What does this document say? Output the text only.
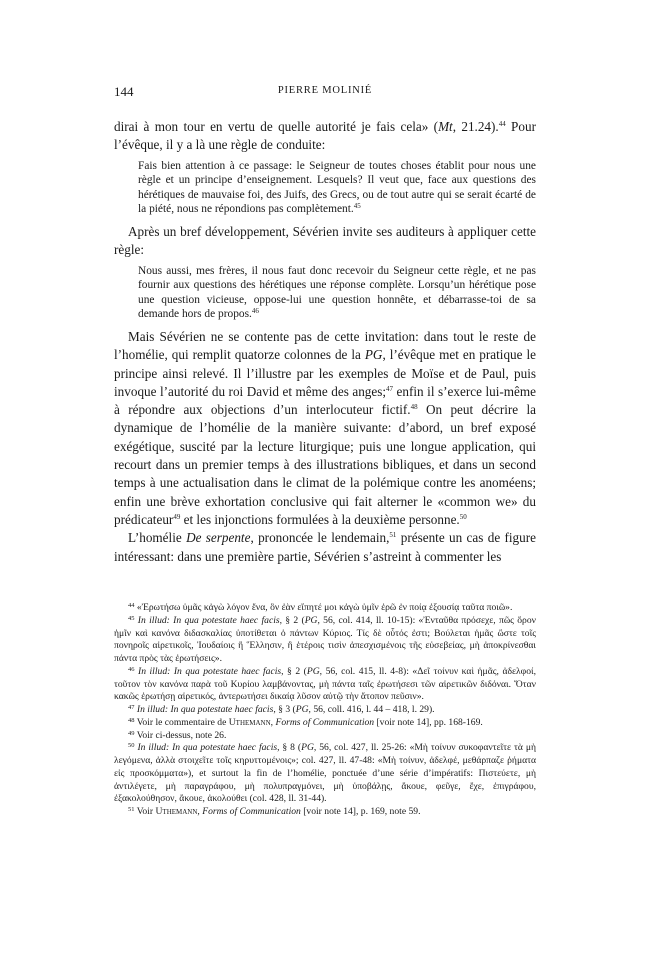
144	PIERRE MOLINIÉ

dirai à mon tour en vertu de quelle autorité je fais cela» (Mt, 21.24).$^{44}$ Pour l’évêque, il y a là une règle de conduite:

Fais bien attention à ce passage: le Seigneur de toutes choses établit pour nous une règle et un principe d’enseignement. Lesquels? Il veut que, face aux questions des hérétiques de mauvaise foi, des Juifs, des Grecs, ou de tout autre qui se serait écarté de la piété, nous ne répondions pas complètement.$^{45}$

Après un bref développement, Sévérien invite ses auditeurs à appliquer cette règle:

Nous aussi, mes frères, il nous faut donc recevoir du Seigneur cette règle, et ne pas fournir aux questions des hérétiques une réponse complète. Lorsqu’un hérétique pose une question vicieuse, oppose-lui une question honnête, et débarrasse-toi de sa demande hors de propos.$^{46}$

Mais Sévérien ne se contente pas de cette invitation: dans tout le reste de l’homélie, qui remplit quatorze colonnes de la PG, l’évêque met en pratique le principe ainsi relevé. Il l’illustre par les exemples de Moïse et de Paul, puis invoque l’autorité du roi David et même des anges;$^{47}$ enfin il s’exerce lui-même à répondre aux objections d’un interlocuteur fictif.$^{48}$ On peut décrire la dynamique de l’homélie de la manière suivante: d’abord, un bref exposé exégétique, suscité par la lecture liturgique; puis une longue application, qui recourt dans un premier temps à des illustrations bibliques, et dans un second temps à une actualisation dans le climat de la polémique contre les anoméens; enfin une brève exhortation conclusive qui fait alterner le «common we» du prédicateur$^{49}$ et les injonctions formulées à la deuxième personne.$^{50}$

L’homélie De serpente, prononcée le lendemain,$^{51}$ présente un cas de figure intéressant: dans une première partie, Sévérien s’astreint à commenter les

$^{44}$ «Ἐρωτήσω ὑμᾶς κἀγὼ λόγον ἕνα, ὃν ἐὰν εἴπητέ μοι κἀγὼ ὑμῖν ἐρῶ ἐν ποίᾳ ἐξουσίᾳ ταῦτα ποιῶ».

$^{45}$ In illud: In qua potestate haec facis, § 2 (PG, 56, col. 414, ll. 10-15): «Ἐνταῦθα πρόσεχε, πῶς ὅρον ἡμῖν καὶ κανόνα διδασκαλίας ὑποτίθεται ὁ πάντων Κύριος. Τίς δὲ οὗτός ἐστι; Βούλεται ἡμᾶς ὥστε τοῖς πονηροῖς αἱρετικοῖς, Ἰουδαίοις ἢ Ἕλλησιν, ἢ ἑτέροις τισὶν ἀπεσχισμένοις τῆς εὐσεβείας, μὴ ἀποκρίνεσθαι πάντα πρὸς τὰς ἐρωτήσεις».

$^{46}$ In illud: In qua potestate haec facis, § 2 (PG, 56, col. 415, ll. 4-8): «Δεῖ τοίνυν καὶ ἡμᾶς, ἀδελφοί, τοῦτον τὸν κανόνα παρὰ τοῦ Κυρίου λαμβάνοντας, μὴ πάντα ταῖς ἐρωτήσεσι τῶν αἱρετικῶν διδόναι. Ὅταν κακῶς ἐρωτήσῃ αἱρετικός, ἀντερωτήσει δικαίᾳ λῦσον αὐτῷ τὴν ἄτοπον πεῦσιν».

$^{47}$ In illud: In qua potestate haec facis, § 3 (PG, 56, coll. 416, l. 44 – 418, l. 29).

$^{48}$ Voir le commentaire de Uthemann, Forms of Communication [voir note 14], pp. 168-169.

$^{49}$ Voir ci-dessus, note 26.

$^{50}$ In illud: In qua potestate haec facis, § 8 (PG, 56, col. 427, ll. 25-26: «Μὴ τοίνυν συκοφαντεῖτε τὰ μὴ λεγόμενα, ἀλλὰ στοιχεῖτε τοῖς κηρυττομένοις»; col. 427, ll. 47-48: «Μὴ τοίνυν, ἀδελφέ, μεθάρπαζε ῥήματα εἰς προσκόμματα»), et surtout la fin de l’homélie, ponctuée d’une série d’impératifs: Πιστεύετε, μὴ ἀντιλέγετε, μὴ παραγράφου, μὴ πολυπραγμόνει, μὴ ὑποβάλῃς, ἄκουε, φεῦγε, ἔχε, ἐπιγράφου, ἐξακολούθησον, ἄκουε, ἀκολούθει (col. 428, ll. 31-44).

$^{51}$ Voir Uthemann, Forms of Communication [voir note 14], p. 169, note 59.
